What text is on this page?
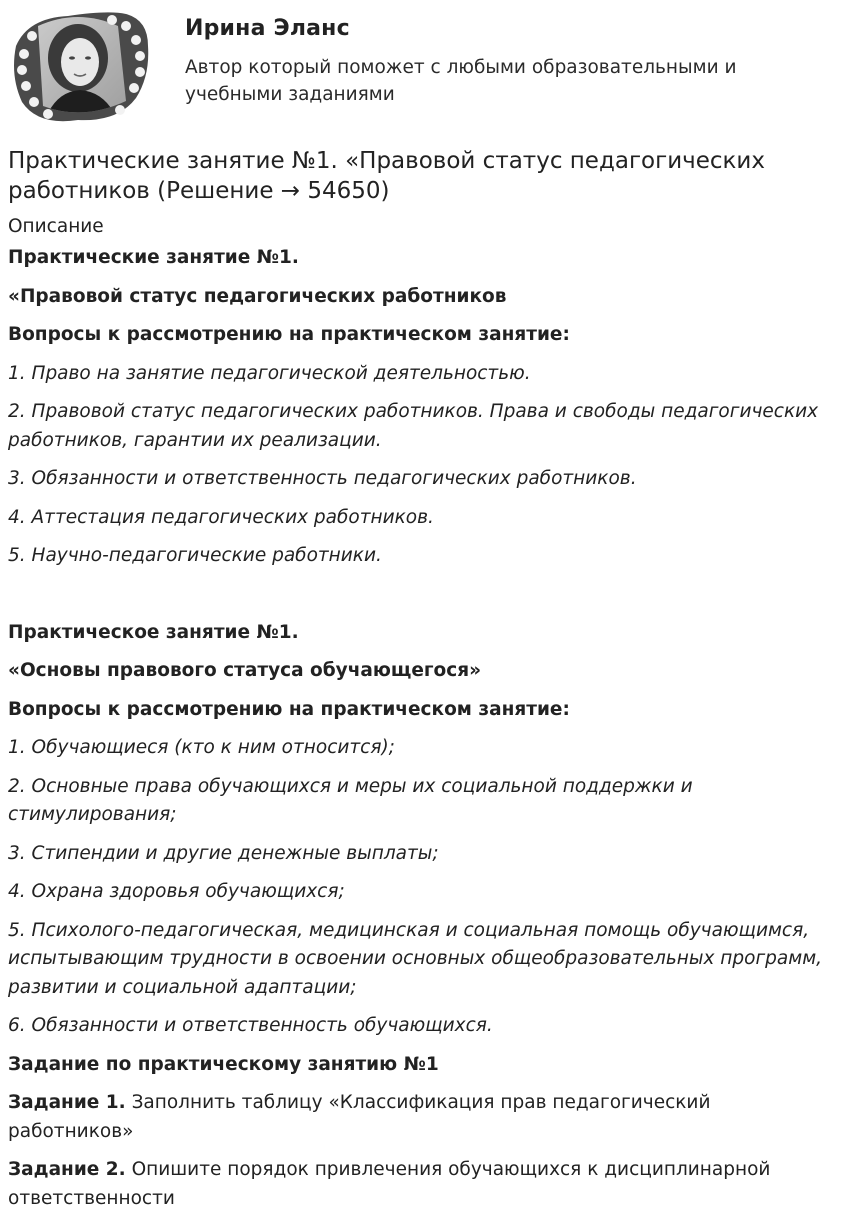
Ирина Эланс
Автор который поможет с любыми образовательными и учебными заданиями
Практические занятие №1. «Правовой статус педагогических работников (Решение → 54650)
Описание

Практические занятие №1.

«Правовой статус педагогических работников

Вопросы к рассмотрению на практическом занятие:

1. Право на занятие педагогической деятельностью.

2. Правовой статус педагогических работников. Права и свободы педагогических работников, гарантии их реализации.

3. Обязанности и ответственность педагогических работников.

4. Аттестация педагогических работников.

5. Научно-педагогические работники.

Практическое занятие №1.

«Основы правового статуса обучающегося»

Вопросы к рассмотрению на практическом занятие:

1. Обучающиеся (кто к ним относится);

2. Основные права обучающихся и меры их социальной поддержки и стимулирования;

3. Стипендии и другие денежные выплаты;

4. Охрана здоровья обучающихся;

5. Психолого-педагогическая, медицинская и социальная помощь обучающимся, испытывающим трудности в освоении основных общеобразовательных программ, развитии и социальной адаптации;

6. Обязанности и ответственность обучающихся.

Задание по практическому занятию №1

Задание 1. Заполнить таблицу «Классификация прав педагогический работников»

Задание 2. Опишите порядок привлечения обучающихся к дисциплинарной ответственности
